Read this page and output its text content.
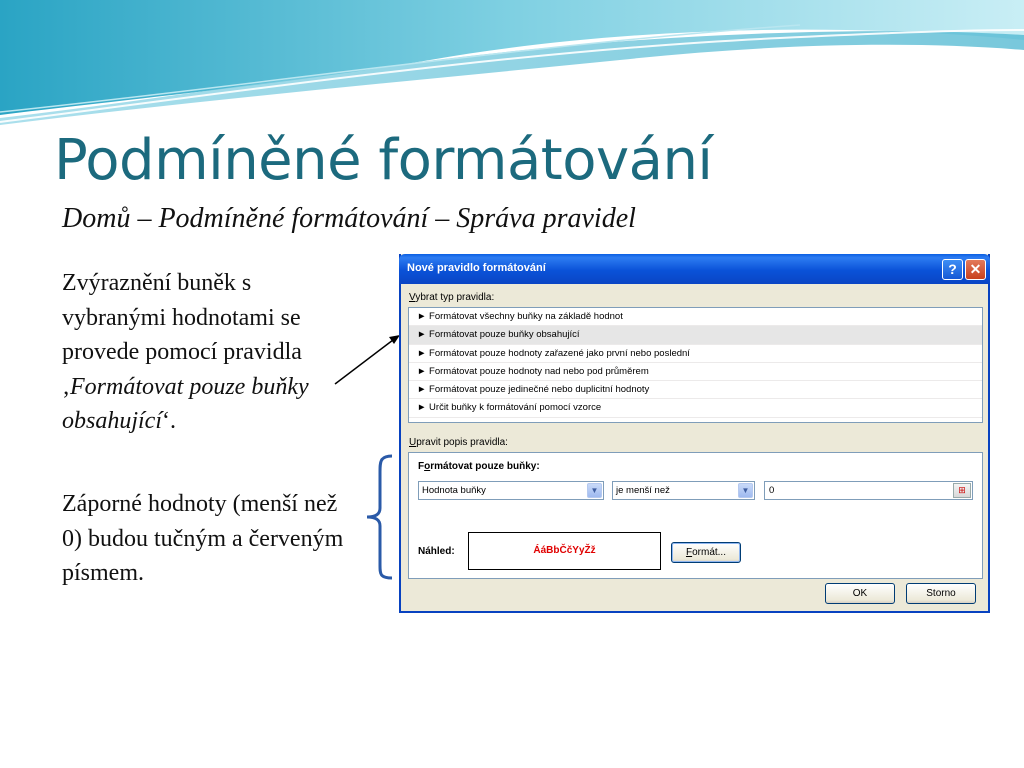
Podmíněné formátování
Domů – Podmíněné formátování – Správa pravidel
Zvýraznění buněk s vybranými hodnotami se provede pomocí pravidla ‚Formátovat pouze buňky obsahující‘.
Záporné hodnoty (menší než 0) budou tučným a červeným písmem.
Nové pravidlo formátování	? ✕
Vybrat typ pravidla:
► Formátovat všechny buňky na základě hodnot
► Formátovat pouze buňky obsahující
► Formátovat pouze hodnoty zařazené jako první nebo poslední
► Formátovat pouze hodnoty nad nebo pod průměrem
► Formátovat pouze jedinečné nebo duplicitní hodnoty
► Určit buňky k formátování pomocí vzorce
Upravit popis pravidla:
Formátovat pouze buňky:
Hodnota buňky	▼	je menší než	▼	0	⊞
Náhled:	ÁáBbČčYyŽž	Formát...
OK	Storno
